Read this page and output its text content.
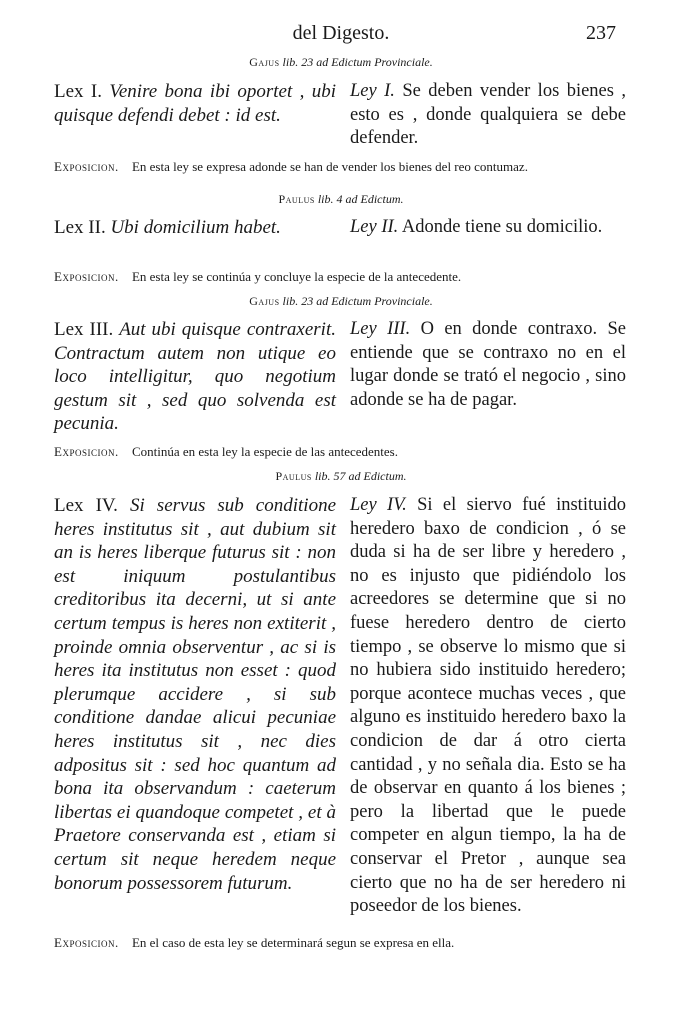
del Digesto.	237
Gajus lib. 23 ad Edictum Provinciale.
Lex I. Venire bona ibi oportet , ubi quisque defendi debet : id est.
Ley I. Se deben vender los bienes , esto es , donde qualquiera se debe defender.
Exposicion. En esta ley se expresa adonde se han de vender los bienes del reo contumaz.
Paulus lib. 4 ad Edictum.
Lex II. Ubi domicilium habet.	Ley II. Adonde tiene su domicilio.
Exposicion. En esta ley se continúa y concluye la especie de la antecedente.
Gajus lib. 23 ad Edictum Provinciale.
Lex III. Aut ubi quisque contraxerit. Contractum autem non utique eo loco intelligitur, quo negotium gestum sit , sed quo solvenda est pecunia.
Ley III. O en donde contraxo. Se entiende que se contraxo no en el lugar donde se trató el negocio , sino adonde se ha de pagar.
Exposicion. Continúa en esta ley la especie de las antecedentes.
Paulus lib. 57 ad Edictum.
Lex IV. Si servus sub conditione heres institutus sit , aut dubium sit an is heres liberque futurus sit : non est iniquum postulantibus creditoribus ita decerni, ut si ante certum tempus is heres non extiterit , proinde omnia observentur , ac si is heres ita institutus non esset : quod plerumque accidere , si sub conditione dandae alicui pecuniae heres institutus sit , nec dies adpositus sit : sed hoc quantum ad bona ita observandum : caeterum libertas ei quandoque competet , et à Praetore conservanda est , etiam si certum sit neque heredem neque bonorum possessorem futurum.
Ley IV. Si el siervo fué instituido heredero baxo de condicion , ó se duda si ha de ser libre y heredero , no es injusto que pidiéndolo los acreedores se determine que si no fuese heredero dentro de cierto tiempo , se observe lo mismo que si no hubiera sido instituido heredero; porque acontece muchas veces , que alguno es instituido heredero baxo la condicion de dar á otro cierta cantidad , y no señala dia. Esto se ha de observar en quanto á los bienes ; pero la libertad que le puede competer en algun tiempo, la ha de conservar el Pretor , aunque sea cierto que no ha de ser heredero ni poseedor de los bienes.
Exposicion. En el caso de esta ley se determinará segun se expresa en ella.
